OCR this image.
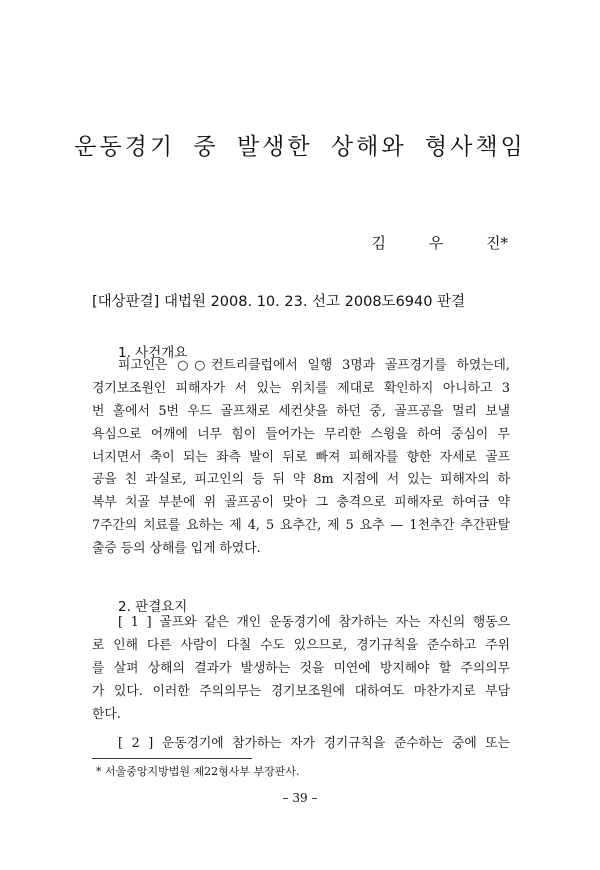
운동경기 중 발생한 상해와 형사책임
김 우 진*
[대상판결] 대법원 2008. 10. 23. 선고 2008도6940 판결
1. 사건개요
피고인은 ○○컨트리클럽에서 일행 3명과 골프경기를 하였는데,
경기보조원인 피해자가 서 있는 위치를 제대로 확인하지 아니하고 3
번 홀에서 5번 우드 골프채로 세컨샷을 하던 중, 골프공을 멀리 보낼
욕심으로 어깨에 너무 힘이 들어가는 무리한 스윙을 하여 중심이 무
너지면서 축이 되는 좌측 발이 뒤로 빠져 피해자를 향한 자세로 골프
공을 친 과실로, 피고인의 등 뒤 약 8m 지점에 서 있는 피해자의 하
복부 치골 부분에 위 골프공이 맞아 그 충격으로 피해자로 하여금 약
7주간의 치료를 요하는 제 4, 5 요추간, 제 5 요추 — 1천추간 추간판탈
출증 등의 상해를 입게 하였다.
2. 판결요지
[ 1 ] 골프와 같은 개인 운동경기에 참가하는 자는 자신의 행동으
로 인해 다른 사람이 다칠 수도 있으므로, 경기규칙을 준수하고 주위
를 살펴 상해의 결과가 발생하는 것을 미연에 방지해야 할 주의의무
가 있다. 이러한 주의의무는 경기보조원에 대하여도 마찬가지로 부담
한다.
[ 2 ] 운동경기에 참가하는 자가 경기규칙을 준수하는 중에 또는
* 서울중앙지방법원 제22형사부 부장판사.
– 39 –
